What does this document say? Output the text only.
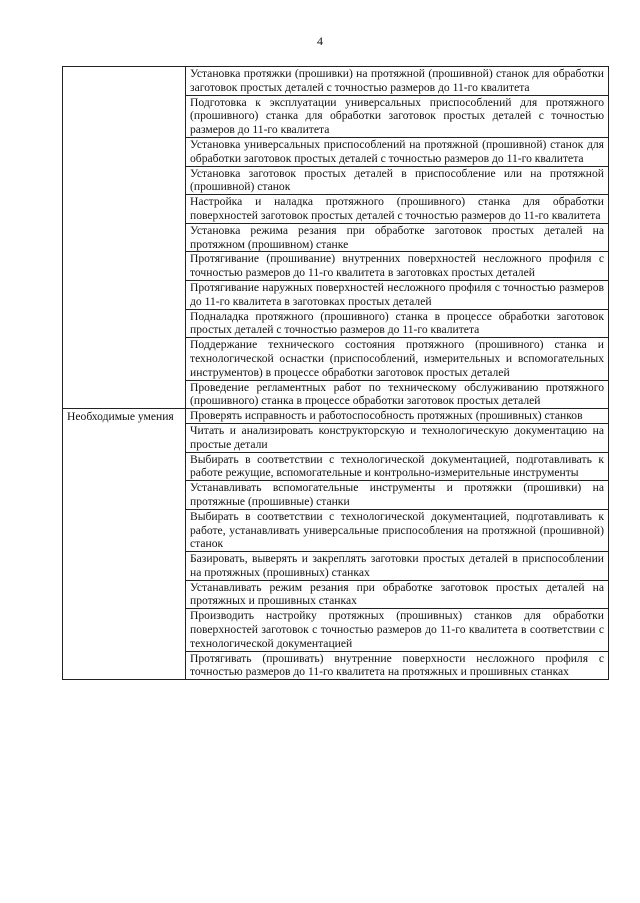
4
	Установка протяжки (прошивки) на протяжной (прошивной) станок для обработки заготовок простых деталей с точностью размеров до 11-го квалитета
	Подготовка к эксплуатации универсальных приспособлений для протяжного (прошивного) станка для обработки заготовок простых деталей с точностью размеров до 11-го квалитета
	Установка универсальных приспособлений на протяжной (прошивной) станок для обработки заготовок простых деталей с точностью размеров до 11-го квалитета
	Установка заготовок простых деталей в приспособление или на протяжной (прошивной) станок
	Настройка и наладка протяжного (прошивного) станка для обработки поверхностей заготовок простых деталей с точностью размеров до 11-го квалитета
	Установка режима резания при обработке заготовок простых деталей на протяжном (прошивном) станке
	Протягивание (прошивание) внутренних поверхностей несложного профиля с точностью размеров до 11-го квалитета в заготовках простых деталей
	Протягивание наружных поверхностей несложного профиля с точностью размеров до 11-го квалитета в заготовках простых деталей
	Подналадка протяжного (прошивного) станка в процессе обработки заготовок простых деталей с точностью размеров до 11-го квалитета
	Поддержание технического состояния протяжного (прошивного) станка и технологической оснастки (приспособлений, измерительных и вспомогательных инструментов) в процессе обработки заготовок простых деталей
	Проведение регламентных работ по техническому обслуживанию протяжного (прошивного) станка в процессе обработки заготовок простых деталей
Необходимые умения	Проверять исправность и работоспособность протяжных (прошивных) станков
	Читать и анализировать конструкторскую и технологическую документацию на простые детали
	Выбирать в соответствии с технологической документацией, подготавливать к работе режущие, вспомогательные и контрольно-измерительные инструменты
	Устанавливать вспомогательные инструменты и протяжки (прошивки) на протяжные (прошивные) станки
	Выбирать в соответствии с технологической документацией, подготавливать к работе, устанавливать универсальные приспособления на протяжной (прошивной) станок
	Базировать, выверять и закреплять заготовки простых деталей в приспособлении на протяжных (прошивных) станках
	Устанавливать режим резания при обработке заготовок простых деталей на протяжных и прошивных станках
	Производить настройку протяжных (прошивных) станков для обработки поверхностей заготовок с точностью размеров до 11-го квалитета в соответствии с технологической документацией
	Протягивать (прошивать) внутренние поверхности несложного профиля с точностью размеров до 11-го квалитета на протяжных и прошивных станках
